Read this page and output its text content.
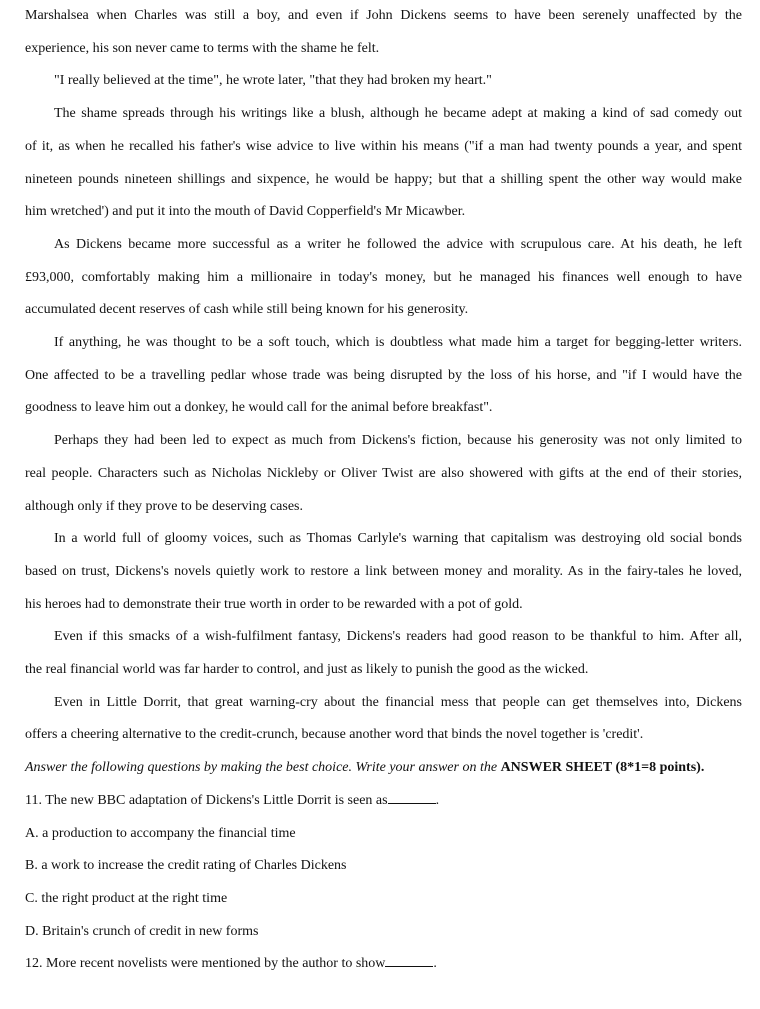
Marshalsea when Charles was still a boy, and even if John Dickens seems to have been serenely unaffected by the
experience, his son never came to terms with the shame he felt.
"I really believed at the time", he wrote later, "that they had broken my heart."
The shame spreads through his writings like a blush, although he became adept at making a kind of sad comedy out
of it, as when he recalled his father's wise advice to live within his means ("if a man had twenty pounds a year, and spent
nineteen pounds nineteen shillings and sixpence, he would be happy; but that a shilling spent the other way would make
him wretched') and put it into the mouth of David Copperfield's Mr Micawber.
As Dickens became more successful as a writer he followed the advice with scrupulous care. At his death, he left
£93,000, comfortably making him a millionaire in today's money, but he managed his finances well enough to have
accumulated decent reserves of cash while still being known for his generosity.
If anything, he was thought to be a soft touch, which is doubtless what made him a target for begging-letter writers.
One affected to be a travelling pedlar whose trade was being disrupted by the loss of his horse, and "if I would have the
goodness to leave him out a donkey, he would call for the animal before breakfast".
Perhaps they had been led to expect as much from Dickens's fiction, because his generosity was not only limited to
real people. Characters such as Nicholas Nickleby or Oliver Twist are also showered with gifts at the end of their stories,
although only if they prove to be deserving cases.
In a world full of gloomy voices, such as Thomas Carlyle's warning that capitalism was destroying old social bonds
based on trust, Dickens's novels quietly work to restore a link between money and morality. As in the fairy-tales he loved,
his heroes had to demonstrate their true worth in order to be rewarded with a pot of gold.
Even if this smacks of a wish-fulfilment fantasy, Dickens's readers had good reason to be thankful to him. After all,
the real financial world was far harder to control, and just as likely to punish the good as the wicked.
Even in Little Dorrit, that great warning-cry about the financial mess that people can get themselves into, Dickens
offers a cheering alternative to the credit-crunch, because another word that binds the novel together is 'credit'.
Answer the following questions by making the best choice. Write your answer on the ANSWER SHEET (8*1=8 points).
11. The new BBC adaptation of Dickens's Little Dorrit is seen as	.
A. a production to accompany the financial time
B. a work to increase the credit rating of Charles Dickens
C. the right product at the right time
D. Britain's crunch of credit in new forms
12. More recent novelists were mentioned by the author to show	.
